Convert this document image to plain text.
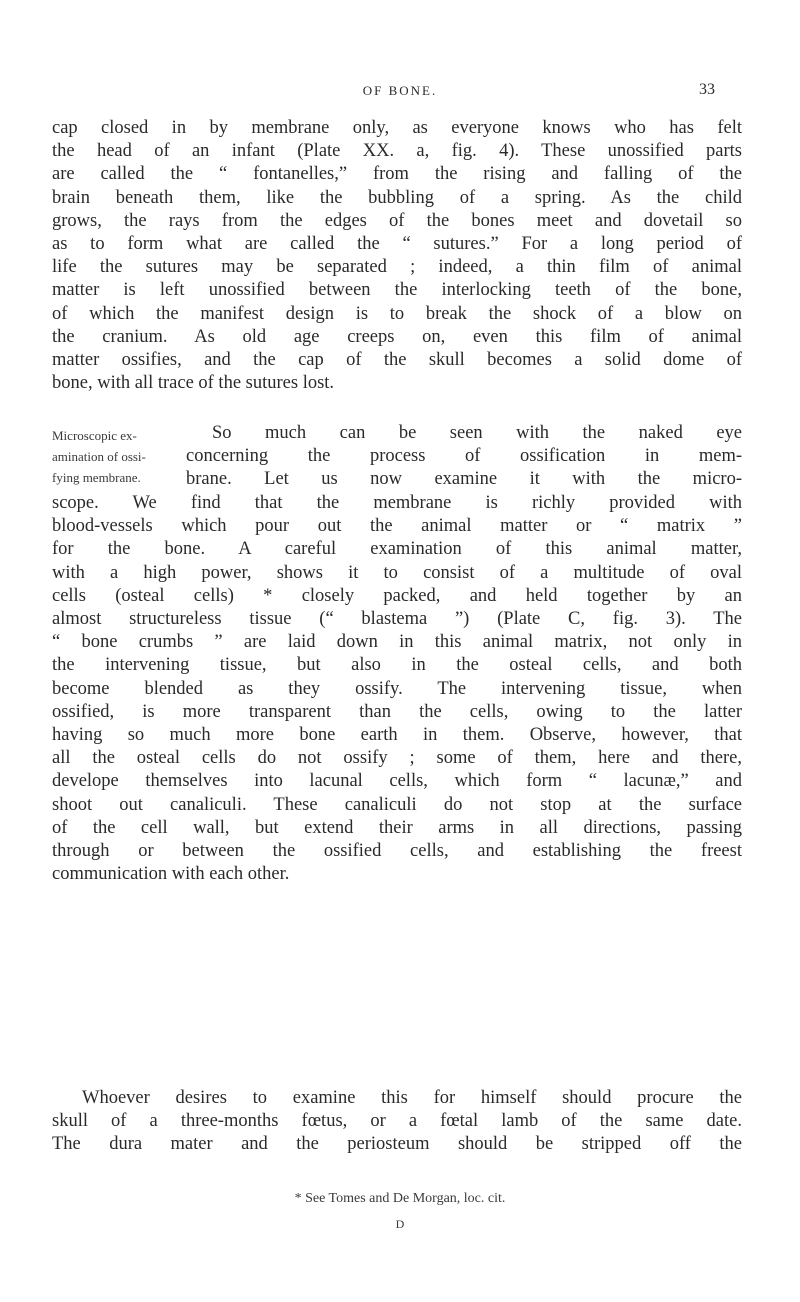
OF BONE.	33
cap closed in by membrane only, as everyone knows who has felt
the head of an infant (Plate XX. a, fig. 4). These unossified parts
are called the “ fontanelles,” from the rising and falling of the
brain beneath them, like the bubbling of a spring. As the child
grows, the rays from the edges of the bones meet and dovetail so
as to form what are called the “ sutures.” For a long period of
life the sutures may be separated ; indeed, a thin film of animal
matter is left unossified between the interlocking teeth of the bone,
of which the manifest design is to break the shock of a blow on
the cranium. As old age creeps on, even this film of animal
matter ossifies, and the cap of the skull becomes a solid dome of
bone, with all trace of the sutures lost.
Microscopic ex-
amination of ossi-
fying membrane.
So much can be seen with the naked eye
concerning the process of ossification in mem-
brane. Let us now examine it with the micro-
scope. We find that the membrane is richly provided with
blood-vessels which pour out the animal matter or “ matrix ”
for the bone. A careful examination of this animal matter,
with a high power, shows it to consist of a multitude of oval
cells (osteal cells) * closely packed, and held together by an
almost structureless tissue (“ blastema ”) (Plate C, fig. 3). The
“ bone crumbs ” are laid down in this animal matrix, not only in
the intervening tissue, but also in the osteal cells, and both
become blended as they ossify. The intervening tissue, when
ossified, is more transparent than the cells, owing to the latter
having so much more bone earth in them. Observe, however, that
all the osteal cells do not ossify ; some of them, here and there,
develope themselves into lacunal cells, which form “ lacunæ,” and
shoot out canaliculi. These canaliculi do not stop at the surface
of the cell wall, but extend their arms in all directions, passing
through or between the ossified cells, and establishing the freest
communication with each other.
Whoever desires to examine this for himself should procure the
skull of a three-months fœtus, or a fœtal lamb of the same date.
The dura mater and the periosteum should be stripped off the
* See Tomes and De Morgan, loc. cit.
D
